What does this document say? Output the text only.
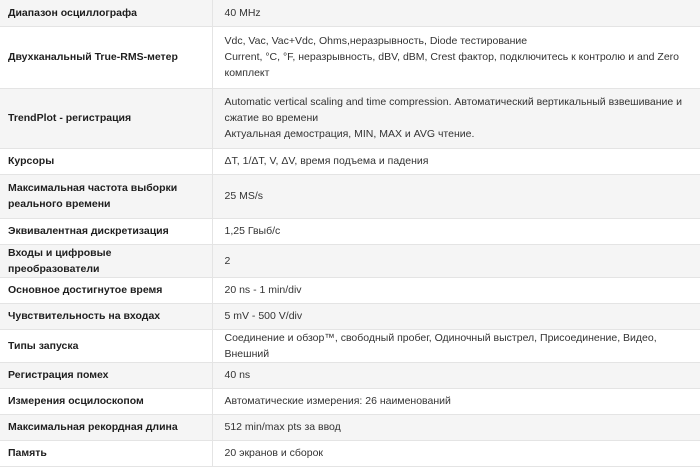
Диапазон осциллографа	40 MHz

Двухканальный True-RMS-метер	Vdc, Vac, Vac+Vdc, Ohms,неразрывность, Diode тестирование
Current, °C, °F, неразрывность, dBV, dBM, Crest фактор, подключитесь к контролю и and Zero комплект

TrendPlot - регистрация	Automatic vertical scaling and time compression. Автоматический вертикальный взвешивание и сжатие во времени
Актуальная демострация, MIN, MAX и AVG чтение.

Курсоры	ΔT, 1/ΔT, V, ΔV, время подъема и падения

Максимальная частота выборки реального времени	25 MS/s

Эквивалентная дискретизация	1,25 Гвыб/с

Входы и цифровые преобразователи	2

Основное достигнутое время	20 ns - 1 min/div

Чувствительность на входах	5 mV - 500 V/div

Типы запуска	Соединение и обзор™, свободный пробег, Одиночный выстрел, Присоединение, Видео, Внешний

Регистрация помех	40 ns

Измерения осцилоскопом	Автоматические измерения: 26 наименований

Максимальная рекордная длина	512 min/max pts за ввод

Память	20 экранов и сборок
